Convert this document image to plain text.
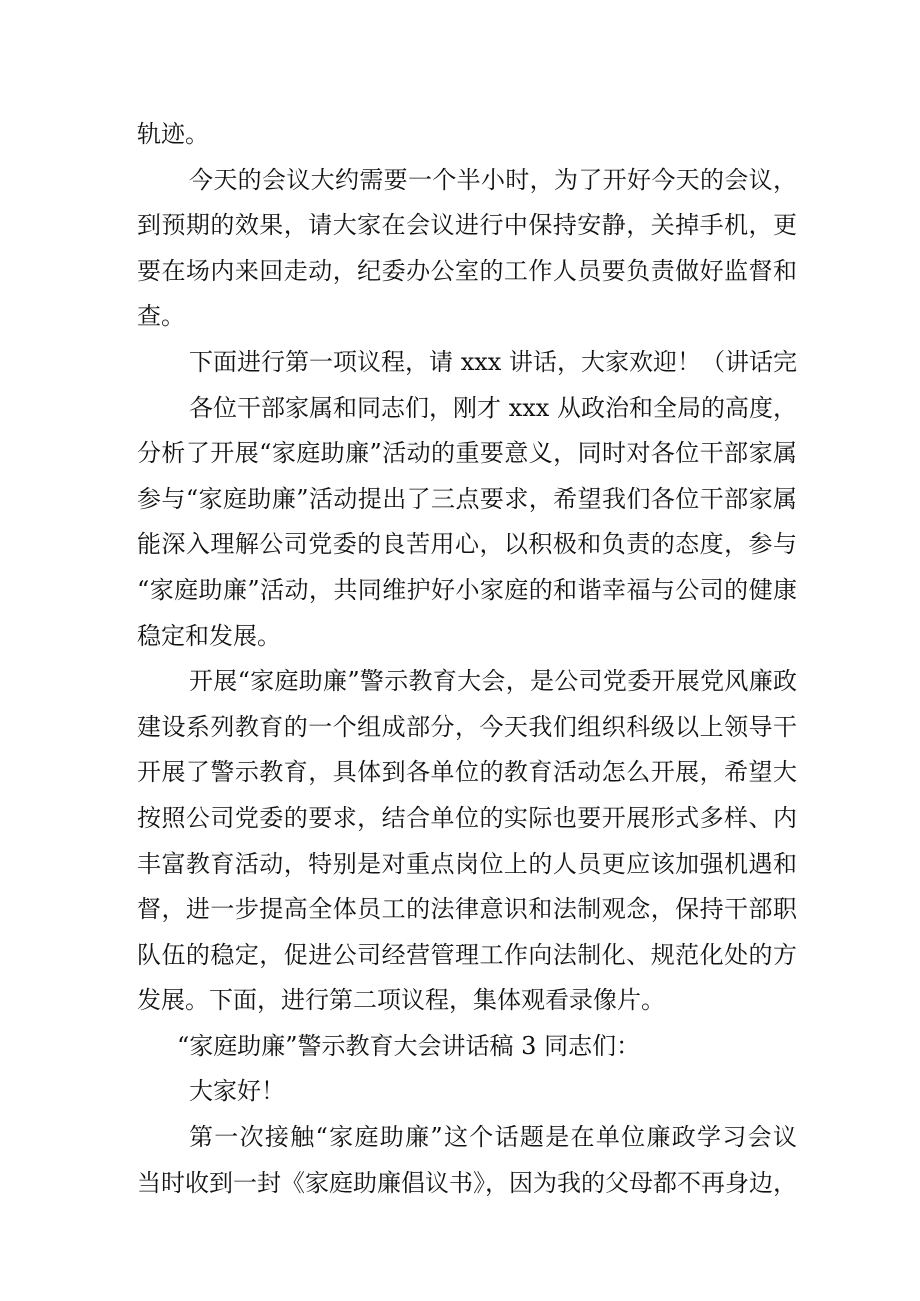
轨迹。
今天的会议大约需要一个半小时，为了开好今天的会议，
到预期的效果，请大家在会议进行中保持安静，关掉手机，更
要在场内来回走动，纪委办公室的工作人员要负责做好监督和
查。
下面进行第一项议程，请 xxx 讲话，大家欢迎！（讲话完
各位干部家属和同志们，刚才 xxx 从政治和全局的高度，
分析了开展“家庭助廉”活动的重要意义，同时对各位干部家属
参与“家庭助廉”活动提出了三点要求，希望我们各位干部家属
能深入理解公司党委的良苦用心，以积极和负责的态度，参与
“家庭助廉”活动，共同维护好小家庭的和谐幸福与公司的健康
稳定和发展。
开展“家庭助廉”警示教育大会，是公司党委开展党风廉政
建设系列教育的一个组成部分，今天我们组织科级以上领导干
开展了警示教育，具体到各单位的教育活动怎么开展，希望大
按照公司党委的要求，结合单位的实际也要开展形式多样、内
丰富教育活动，特别是对重点岗位上的人员更应该加强机遇和
督，进一步提高全体员工的法律意识和法制观念，保持干部职
队伍的稳定，促进公司经营管理工作向法制化、规范化处的方
发展。下面，进行第二项议程，集体观看录像片。
“家庭助廉”警示教育大会讲话稿 3 同志们：
大家好！
第一次接触“家庭助廉”这个话题是在单位廉政学习会议
当时收到一封《家庭助廉倡议书》，因为我的父母都不再身边，
